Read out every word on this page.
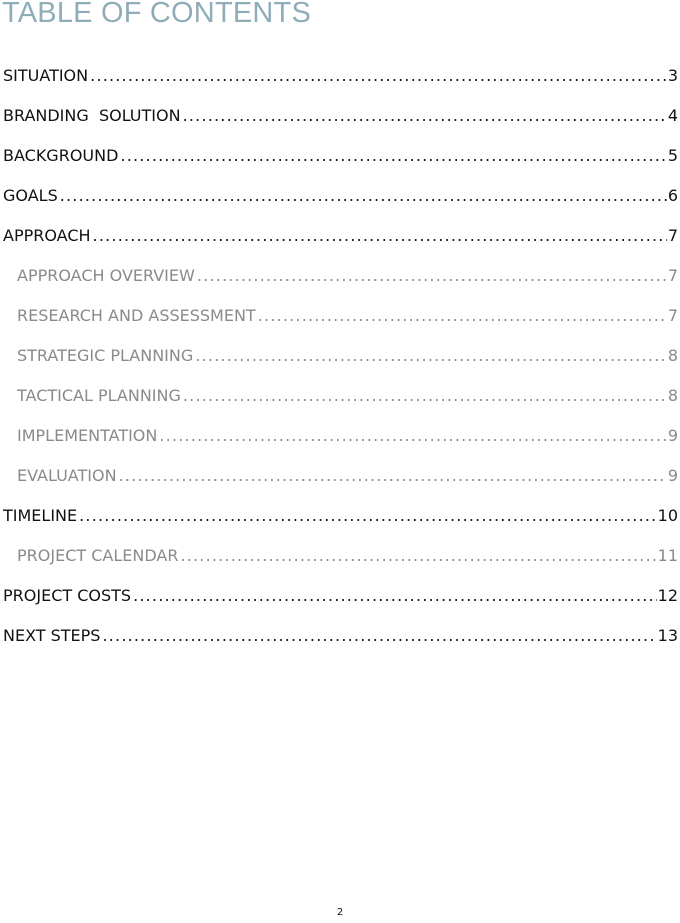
TABLE OF CONTENTS
SITUATION .....	3
BRANDING  SOLUTION .....	4
BACKGROUND .....	5
GOALS .....	6
APPROACH .....	7
APPROACH OVERVIEW .....	7
RESEARCH AND ASSESSMENT .....	7
STRATEGIC PLANNING .....	8
TACTICAL PLANNING .....	8
IMPLEMENTATION .....	9
EVALUATION .....	9
TIMELINE .....	10
PROJECT CALENDAR .....	11
PROJECT COSTS .....	12
NEXT STEPS .....	13
2
